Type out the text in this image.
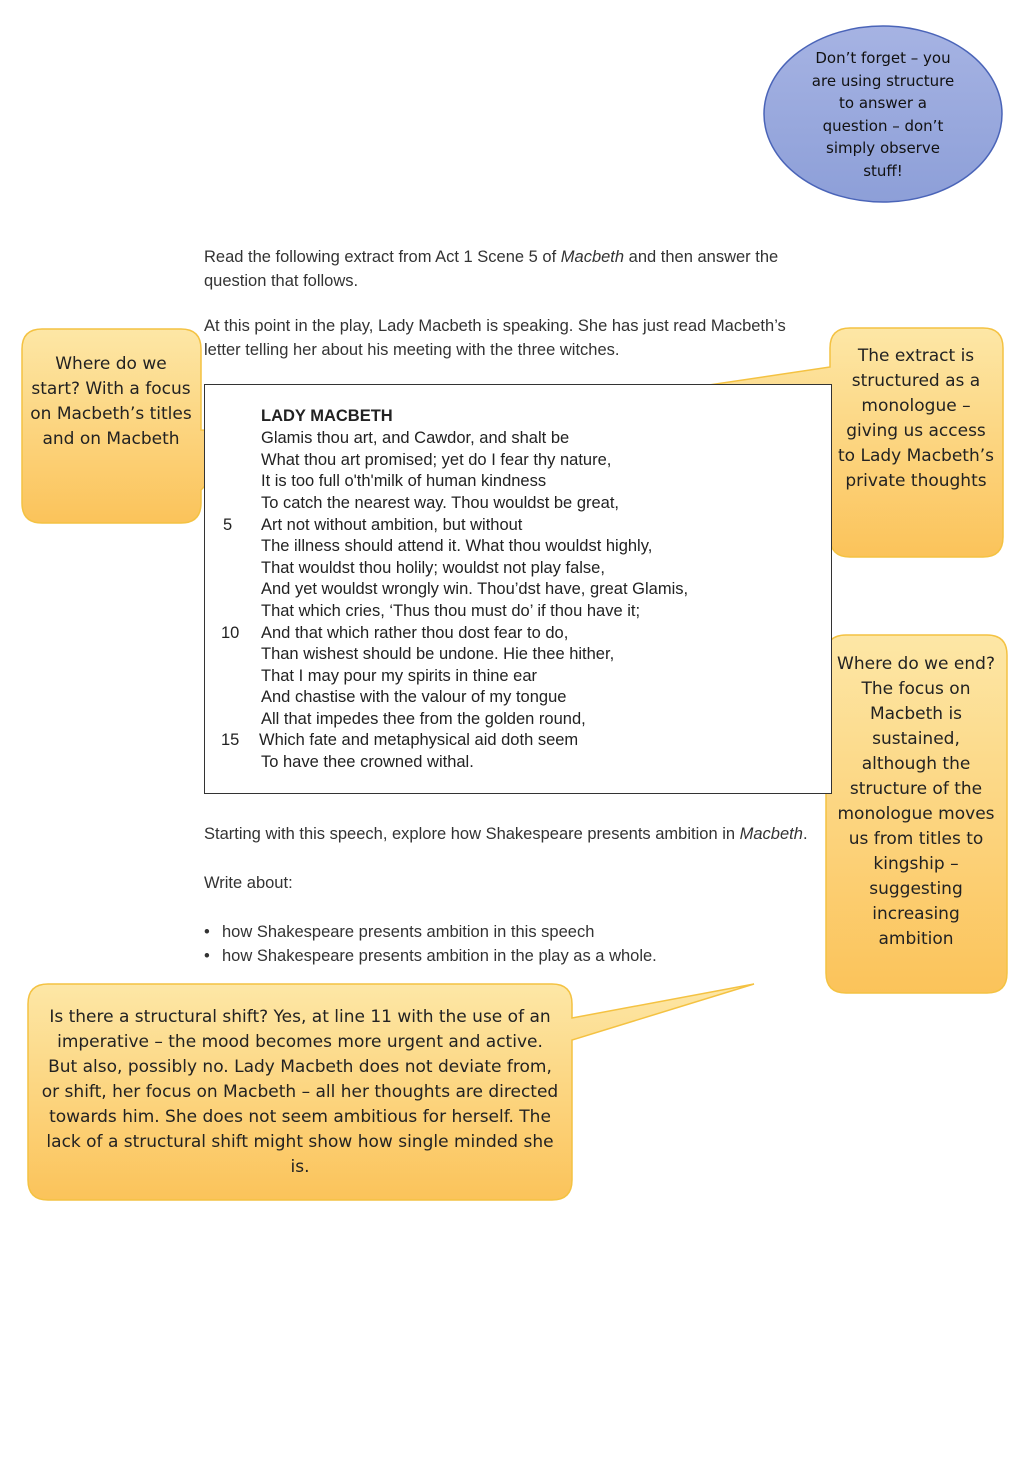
Read the following extract from Act 1 Scene 5 of Macbeth and then answer the
question that follows.
At this point in the play, Lady Macbeth is speaking. She has just read Macbeth’s
letter telling her about his meeting with the three witches.
LADY MACBETH
Glamis thou art, and Cawdor, and shalt be
What thou art promised; yet do I fear thy nature,
It is too full o'th'milk of human kindness
To catch the nearest way. Thou wouldst be great,
5 Art not without ambition, but without
The illness should attend it. What thou wouldst highly,
That wouldst thou holily; wouldst not play false,
And yet wouldst wrongly win. Thou’dst have, great Glamis,
That which cries, ‘Thus thou must do’ if thou have it;
10 And that which rather thou dost fear to do,
Than wishest should be undone. Hie thee hither,
That I may pour my spirits in thine ear
And chastise with the valour of my tongue
All that impedes thee from the golden round,
15 Which fate and metaphysical aid doth seem
To have thee crowned withal.
Starting with this speech, explore how Shakespeare presents ambition in Macbeth.
Write about:
• how Shakespeare presents ambition in this speech
• how Shakespeare presents ambition in the play as a whole.
Don’t forget – you are using structure to answer a question – don’t simply observe stuff!
Where do we start? With a focus on Macbeth’s titles and on Macbeth
The extract is structured as a monologue – giving us access to Lady Macbeth’s private thoughts
Where do we end? The focus on Macbeth is sustained, although the structure of the monologue moves us from titles to kingship – suggesting increasing ambition
Is there a structural shift? Yes, at line 11 with the use of an imperative – the mood becomes more urgent and active. But also, possibly no. Lady Macbeth does not deviate from, or shift, her focus on Macbeth – all her thoughts are directed towards him. She does not seem ambitious for herself. The lack of a structural shift might show how single minded she is.
